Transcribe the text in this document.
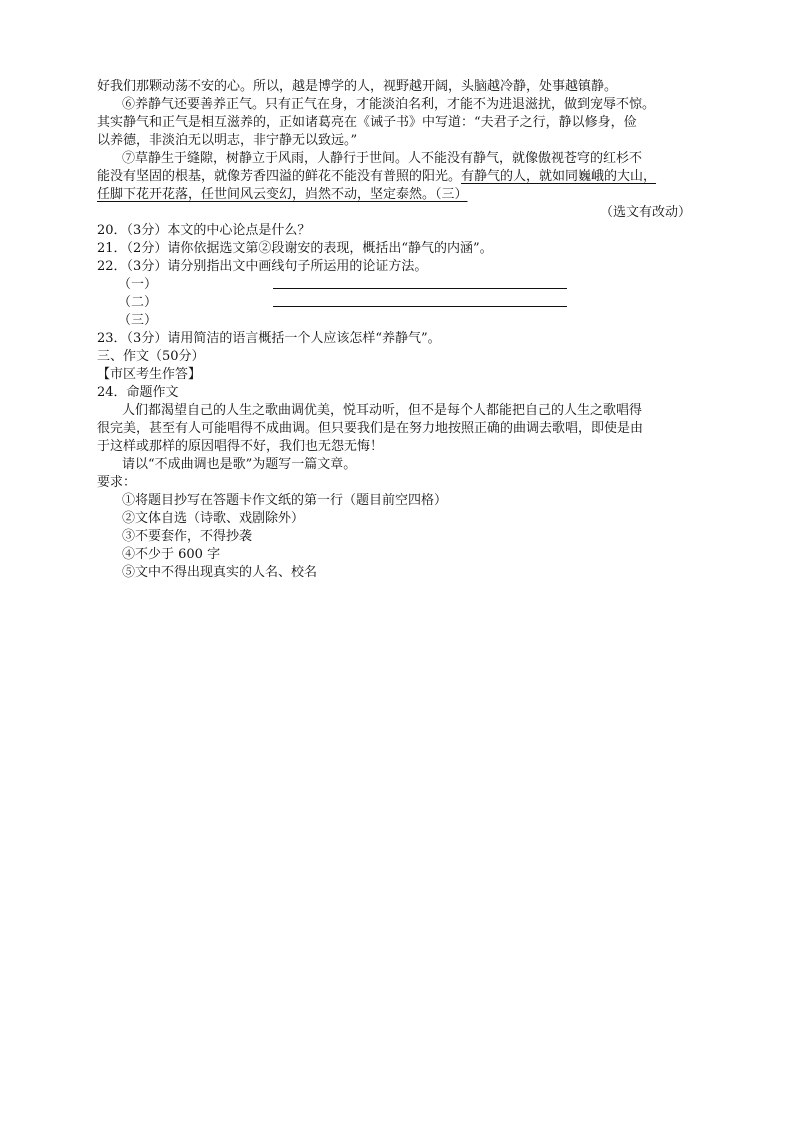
好我们那颗动荡不安的心。所以，越是博学的人，视野越开阔，头脑越冷静，处事越镇静。
⑥养静气还要善养正气。只有正气在身，才能淡泊名利，才能不为进退滋扰，做到宠辱不惊。
其实静气和正气是相互滋养的，正如诸葛亮在《诫子书》中写道：“夫君子之行，静以修身，俭
以养德，非淡泊无以明志，非宁静无以致远。”
⑦草静生于缝隙，树静立于风雨，人静行于世间。人不能没有静气，就像傲视苍穹的红杉不
能没有坚固的根基，就像芳香四溢的鲜花不能没有普照的阳光。有静气的人，就如同巍峨的大山，
任脚下花开花落，任世间风云变幻，岿然不动，坚定泰然。（三）
（选文有改动）
20．（3分）本文的中心论点是什么？
21．（2分）请你依据选文第②段谢安的表现，概括出“静气的内涵”。
22．（3分）请分别指出文中画线句子所运用的论证方法。
（一）
（二）
（三）
23．（3分）请用简洁的语言概括一个人应该怎样“养静气”。
三、作文（50分）
【市区考生作答】
24．命题作文
人们都渴望自己的人生之歌曲调优美，悦耳动听，但不是每个人都能把自己的人生之歌唱得
很完美，甚至有人可能唱得不成曲调。但只要我们是在努力地按照正确的曲调去歌唱，即使是由
于这样或那样的原因唱得不好，我们也无怨无悔！
请以“不成曲调也是歌”为题写一篇文章。
要求：
①将题目抄写在答题卡作文纸的第一行（题目前空四格）
②文体自选（诗歌、戏剧除外）
③不要套作，不得抄袭
④不少于 600 字
⑤文中不得出现真实的人名、校名
